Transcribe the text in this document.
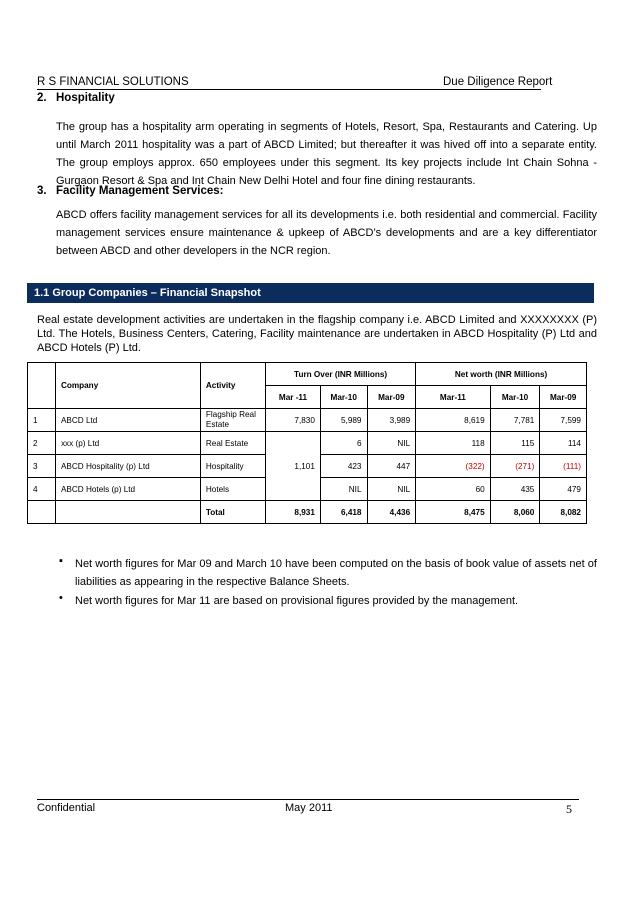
R S FINANCIAL SOLUTIONS	Due Diligence Report
2. Hospitality
The group has a hospitality arm operating in segments of Hotels, Resort, Spa, Restaurants and Catering. Up until March 2011 hospitality was a part of ABCD Limited; but thereafter it was hived off into a separate entity. The group employs approx. 650 employees under this segment. Its key projects include Int Chain Sohna - Gurgaon Resort & Spa and Int Chain New Delhi Hotel and four fine dining restaurants.
3. Facility Management Services:
ABCD offers facility management services for all its developments i.e. both residential and commercial. Facility management services ensure maintenance & upkeep of ABCD’s developments and are a key differentiator between ABCD and other developers in the NCR region.
1.1 Group Companies – Financial Snapshot
Real estate development activities are undertaken in the flagship company i.e. ABCD Limited and XXXXXXXX (P) Ltd. The Hotels, Business Centers, Catering, Facility maintenance are undertaken in ABCD Hospitality (P) Ltd and ABCD Hotels (P) Ltd.
	Company	Activity	Turn Over (INR Millions)			Net worth (INR Millions)		
			Mar -11	Mar-10	Mar-09	Mar-11	Mar-10	Mar-09
1	ABCD Ltd	Flagship Real Estate	7,830	5,989	3,989	8,619	7,781	7,599
2	xxx (p) Ltd	Real Estate	1,101	6	NIL	118	115	114
3	ABCD Hospitality (p) Ltd	Hospitality		423	447	(322)	(271)	(111)
4	ABCD Hotels (p) Ltd	Hotels		NIL	NIL	60	435	479
		Total	8,931	6,418	4,436	8,475	8,060	8,082
▪ Net worth figures for Mar 09 and March 10 have been computed on the basis of book value of assets net of liabilities as appearing in the respective Balance Sheets.
• Net worth figures for Mar 11 are based on provisional figures provided by the management.
Confidential	May 2011	5
